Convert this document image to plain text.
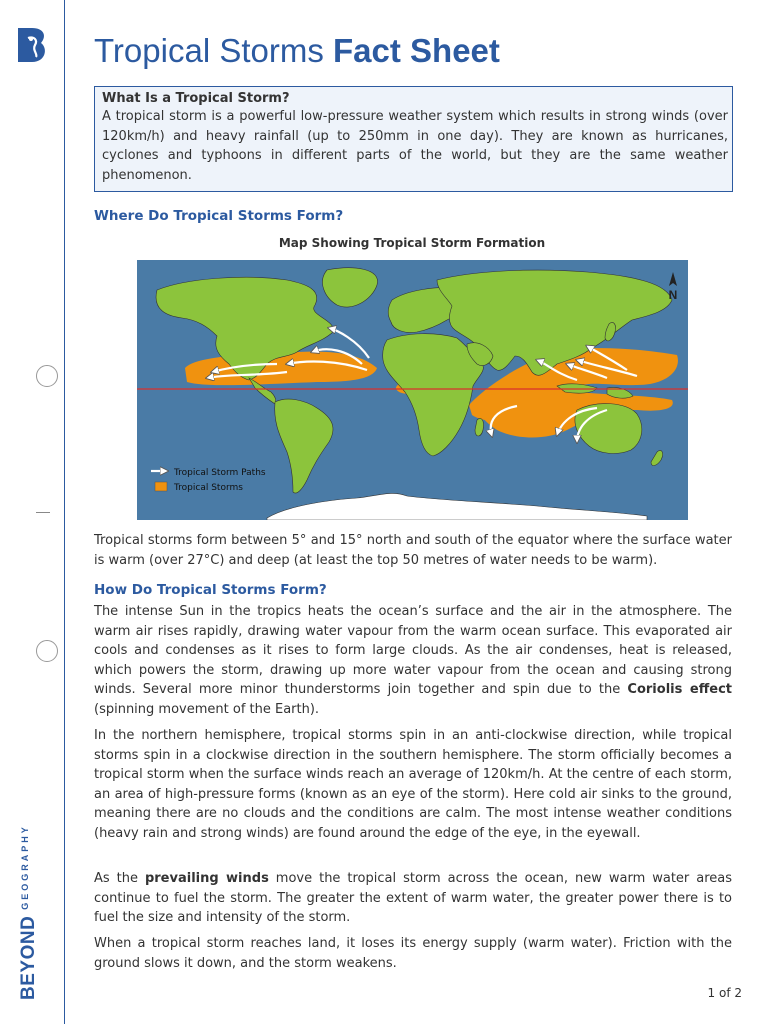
$BEYOND^{GEOGRAPHY}$
Tropical Storms Fact Sheet
What Is a Tropical Storm?

A tropical storm is a powerful low-pressure weather system which results in strong winds (over 120km/h) and heavy rainfall (up to 250mm in one day). They are known as hurricanes, cyclones and typhoons in different parts of the world, but they are the same weather phenomenon.

Where Do Tropical Storms Form?

Map Showing Tropical Storm Formation

N
Tropical Storm Paths
Tropical Storms

Tropical storms form between 5° and 15° north and south of the equator where the surface water is warm (over 27°C) and deep (at least the top 50 metres of water needs to be warm).

How Do Tropical Storms Form?

The intense Sun in the tropics heats the ocean’s surface and the air in the atmosphere. The warm air rises rapidly, drawing water vapour from the warm ocean surface. This evaporated air cools and condenses as it rises to form large clouds. As the air condenses, heat is released, which powers the storm, drawing up more water vapour from the ocean and causing strong winds. Several more minor thunderstorms join together and spin due to the Coriolis effect (spinning movement of the Earth).

In the northern hemisphere, tropical storms spin in an anti-clockwise direction, while tropical storms spin in a clockwise direction in the southern hemisphere. The storm officially becomes a tropical storm when the surface winds reach an average of 120km/h. At the centre of each storm, an area of high-pressure forms (known as an eye of the storm). Here cold air sinks to the ground, meaning there are no clouds and the conditions are calm. The most intense weather conditions (heavy rain and strong winds) are found around the edge of the eye, in the eyewall.

As the prevailing winds move the tropical storm across the ocean, new warm water areas continue to fuel the storm. The greater the extent of warm water, the greater power there is to fuel the size and intensity of the storm.

When a tropical storm reaches land, it loses its energy supply (warm water). Friction with the ground slows it down, and the storm weakens.

1 of 2
